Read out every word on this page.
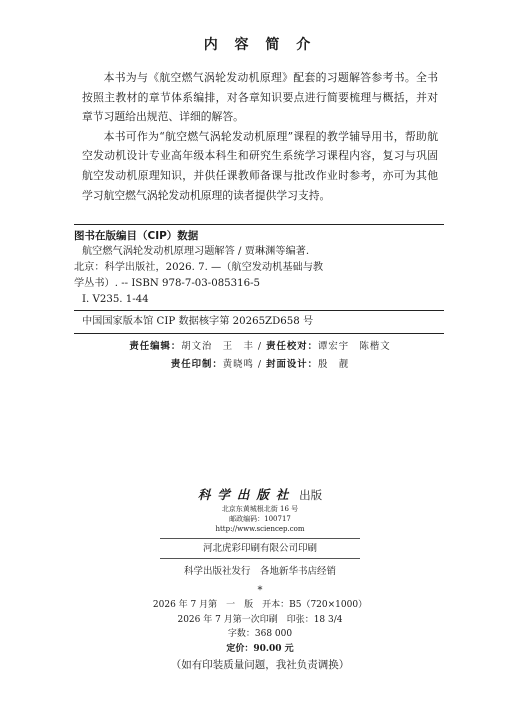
内 容 简 介

本书为与《航空燃气涡轮发动机原理》配套的习题解答参考书。全书按照主教材的章节体系编排，对各章知识要点进行简要梳理与概括，并对章节习题给出规范、详细的解答。

本书可作为“航空燃气涡轮发动机原理”课程的教学辅导用书，帮助航空发动机设计专业高年级本科生和研究生系统学习课程内容，复习与巩固航空发动机原理知识，并供任课教师备课与批改作业时参考，亦可为其他学习航空燃气涡轮发动机原理的读者提供学习支持。

图书在版编目（CIP）数据
航空燃气涡轮发动机原理习题解答 / 贾琳渊等编著.
北京：科学出版社，2026. 7. —（航空发动机基础与教
学丛书）. -- ISBN 978-7-03-085316-5
Ⅰ. V235. 1-44
中国国家版本馆 CIP 数据核字第 20265ZD658 号
责任编辑：胡文治　王　丰 / 责任校对：谭宏宇　陈楷文
责任印制：黄晓鸣 / 封面设计：殷　靓
科学出版社 出版
北京东黄城根北街 16 号
邮政编码：100717
http://www.sciencep.com
河北虎彩印刷有限公司印刷
科学出版社发行　各地新华书店经销
*
2026 年 7 月第　一　版　开本：B5（720×1000）
2026 年 7 月第一次印刷　印张：18 3/4
字数：368 000
定价：90.00 元
（如有印装质量问题，我社负责调换）
